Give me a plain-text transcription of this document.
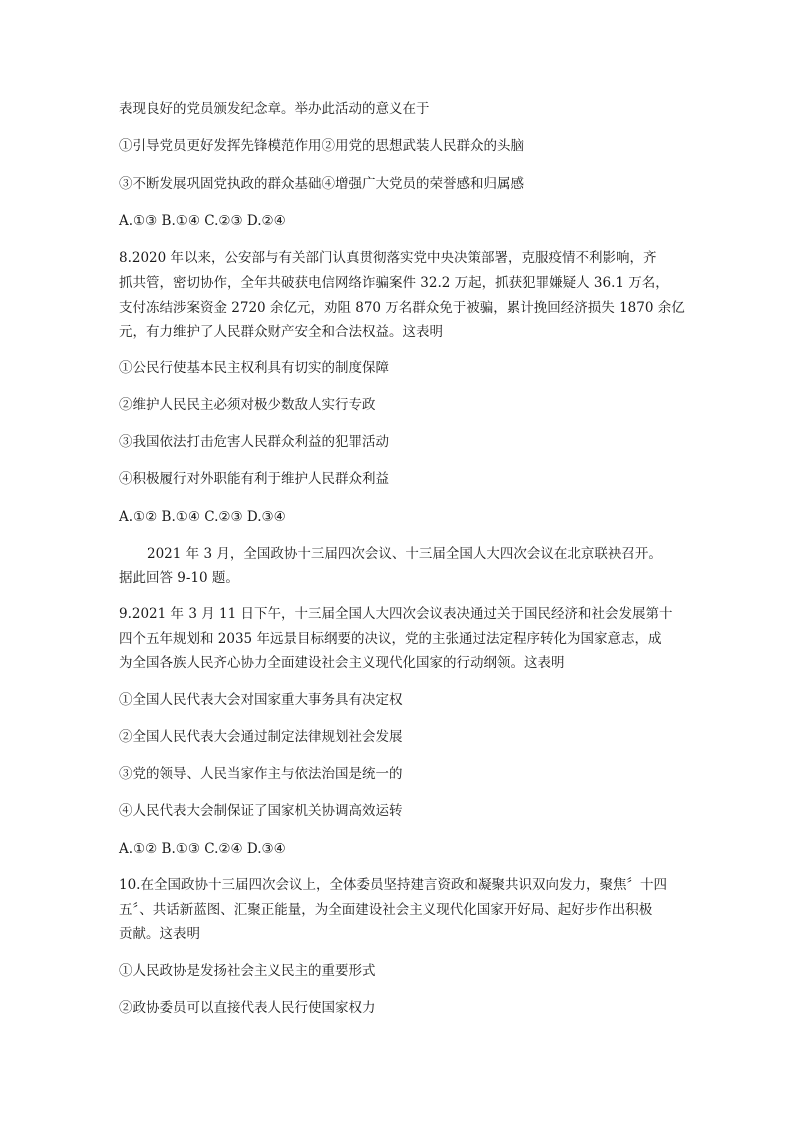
表现良好的党员颁发纪念章。举办此活动的意义在于
①引导党员更好发挥先锋模范作用②用党的思想武装人民群众的头脑
③不断发展巩固党执政的群众基础④增强广大党员的荣誉感和归属感
A.①③ B.①④ C.②③ D.②④
8.2020 年以来，公安部与有关部门认真贯彻落实党中央决策部署，克服疫情不利影响，齐
抓共管，密切协作，全年共破获电信网络诈骗案件 32.2 万起，抓获犯罪嫌疑人 36.1 万名，
支付冻结涉案资金 2720 余亿元，劝阻 870 万名群众免于被骗，累计挽回经济损失 1870 余亿
元，有力维护了人民群众财产安全和合法权益。这表明
①公民行使基本民主权利具有切实的制度保障
②维护人民民主必须对极少数敌人实行专政
③我国依法打击危害人民群众利益的犯罪活动
④积极履行对外职能有利于维护人民群众利益
A.①② B.①④ C.②③ D.③④
2021 年 3 月，全国政协十三届四次会议、十三届全国人大四次会议在北京联袂召开。
据此回答 9-10 题。
9.2021 年 3 月 11 日下午，十三届全国人大四次会议表决通过关于国民经济和社会发展第十
四个五年规划和 2035 年远景目标纲要的决议，党的主张通过法定程序转化为国家意志，成
为全国各族人民齐心协力全面建设社会主义现代化国家的行动纲领。这表明
①全国人民代表大会对国家重大事务具有决定权
②全国人民代表大会通过制定法律规划社会发展
③党的领导、人民当家作主与依法治国是统一的
④人民代表大会制保证了国家机关协调高效运转
A.①② B.①③ C.②④ D.③④
10.在全国政协十三届四次会议上，全体委员坚持建言资政和凝聚共识双向发力，聚焦〞十四
五〞、共话新蓝图、汇聚正能量，为全面建设社会主义现代化国家开好局、起好步作出积极
贡献。这表明
①人民政协是发扬社会主义民主的重要形式
②政协委员可以直接代表人民行使国家权力
